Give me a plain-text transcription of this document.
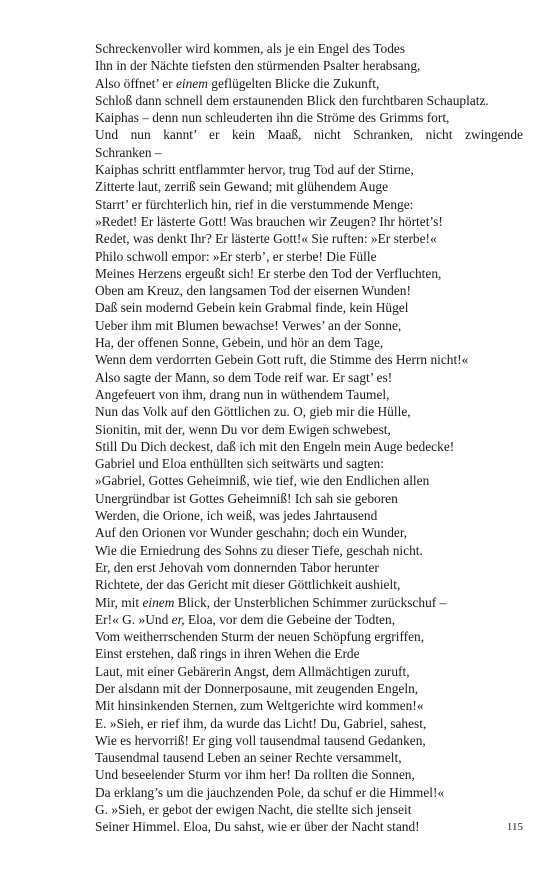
Schreckenvoller wird kommen, als je ein Engel des Todes
Ihn in der Nächte tiefsten den stürmenden Psalter herabsang,
Also öffnet’ er einem geflügelten Blicke die Zukunft,
Schloß dann schnell dem erstaunenden Blick den furchtbaren Schauplatz.
Kaiphas – denn nun schleuderten ihn die Ströme des Grimms fort,
Und nun kannt’ er kein Maaß, nicht Schranken, nicht zwingende
Schranken –
Kaiphas schritt entflammter hervor, trug Tod auf der Stirne,
Zitterte laut, zerriß sein Gewand; mit glühendem Auge
Starrt’ er fürchterlich hin, rief in die verstummende Menge:
»Redet! Er lästerte Gott! Was brauchen wir Zeugen? Ihr hörtet’s!
Redet, was denkt Ihr? Er lästerte Gott!« Sie ruften: »Er sterbe!«
Philo schwoll empor: »Er sterb’, er sterbe! Die Fülle
Meines Herzens ergeußt sich! Er sterbe den Tod der Verfluchten,
Oben am Kreuz, den langsamen Tod der eisernen Wunden!
Daß sein modernd Gebein kein Grabmal finde, kein Hügel
Ueber ihm mit Blumen bewachse! Verwes’ an der Sonne,
Ha, der offenen Sonne, Gebein, und hör an dem Tage,
Wenn dem verdorrten Gebein Gott ruft, die Stimme des Herrn nicht!«
Also sagte der Mann, so dem Tode reif war. Er sagt’ es!
Angefeuert von ihm, drang nun in wüthendem Taumel,
Nun das Volk auf den Göttlichen zu. O, gieb mir die Hülle,
Sionitin, mit der, wenn Du vor dem Ewigen schwebest,
Still Du Dich deckest, daß ich mit den Engeln mein Auge bedecke!
Gabriel und Eloa enthüllten sich seitwärts und sagten:
»Gabriel, Gottes Geheimniß, wie tief, wie den Endlichen allen
Unergründbar ist Gottes Geheimniß! Ich sah sie geboren
Werden, die Orione, ich weiß, was jedes Jahrtausend
Auf den Orionen vor Wunder geschahn; doch ein Wunder,
Wie die Erniedrung des Sohns zu dieser Tiefe, geschah nicht.
Er, den erst Jehovah vom donnernden Tabor herunter
Richtete, der das Gericht mit dieser Göttlichkeit aushielt,
Mir, mit einem Blick, der Unsterblichen Schimmer zurückschuf –
Er!« G. »Und er, Eloa, vor dem die Gebeine der Todten,
Vom weitherrschenden Sturm der neuen Schöpfung ergriffen,
Einst erstehen, daß rings in ihren Wehen die Erde
Laut, mit einer Gebärerin Angst, dem Allmächtigen zuruft,
Der alsdann mit der Donnerposaune, mit zeugenden Engeln,
Mit hinsinkenden Sternen, zum Weltgerichte wird kommen!«
E. »Sieh, er rief ihm, da wurde das Licht! Du, Gabriel, sahest,
Wie es hervorriß! Er ging voll tausendmal tausend Gedanken,
Tausendmal tausend Leben an seiner Rechte versammelt,
Und beseelender Sturm vor ihm her! Da rollten die Sonnen,
Da erklang’s um die jauchzenden Pole, da schuf er die Himmel!«
G. »Sieh, er gebot der ewigen Nacht, die stellte sich jenseit
Seiner Himmel. Eloa, Du sahst, wie er über der Nacht stand!	115
